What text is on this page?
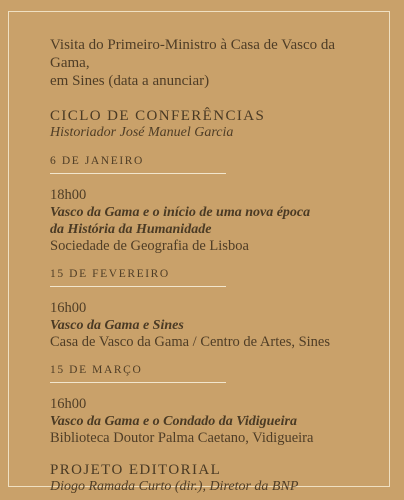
Visita do Primeiro-Ministro à Casa de Vasco da Gama,
em Sines (data a anunciar)
CICLO DE CONFERÊNCIAS
Historiador José Manuel Garcia
6 DE JANEIRO
18h00
Vasco da Gama e o início de uma nova época
da História da Humanidade
Sociedade de Geografia de Lisboa
15 DE FEVEREIRO
16h00
Vasco da Gama e Sines
Casa de Vasco da Gama / Centro de Artes, Sines
15 DE MARÇO
16h00
Vasco da Gama e o Condado da Vidigueira
Biblioteca Doutor Palma Caetano, Vidigueira
PROJETO EDITORIAL
Diogo Ramada Curto (dir.), Diretor da BNP
